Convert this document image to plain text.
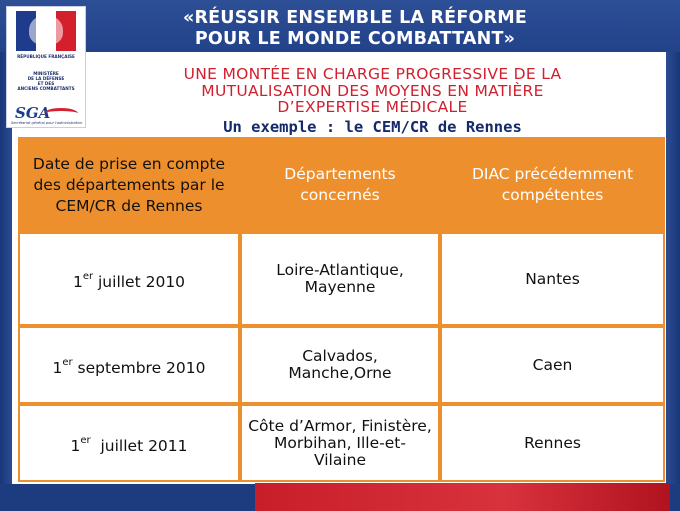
«RÉUSSIR ENSEMBLE LA RÉFORME
POUR LE MONDE COMBATTANT»
RÉPUBLIQUE FRANÇAISE
MINISTÈRE
DE LA DÉFENSE
ET DES
ANCIENS COMBATTANTS
SGA
Secrétariat général pour l'administration
UNE MONTÉE EN CHARGE PROGRESSIVE DE LA
MUTUALISATION DES MOYENS EN MATIÈRE
D’EXPERTISE MÉDICALE
Un exemple : le CEM/CR de Rennes
Date de prise en compte des départements par le CEM/CR de Rennes
Départements concernés
DIAC précédemment compétentes
1er juillet 2010
Loire-Atlantique, Mayenne	Nantes
1er septembre 2010
Calvados, Manche,Orne	Caen
1er  juillet 2011
Côte d’Armor, Finistère, Morbihan, Ille-et- Vilaine
Rennes
